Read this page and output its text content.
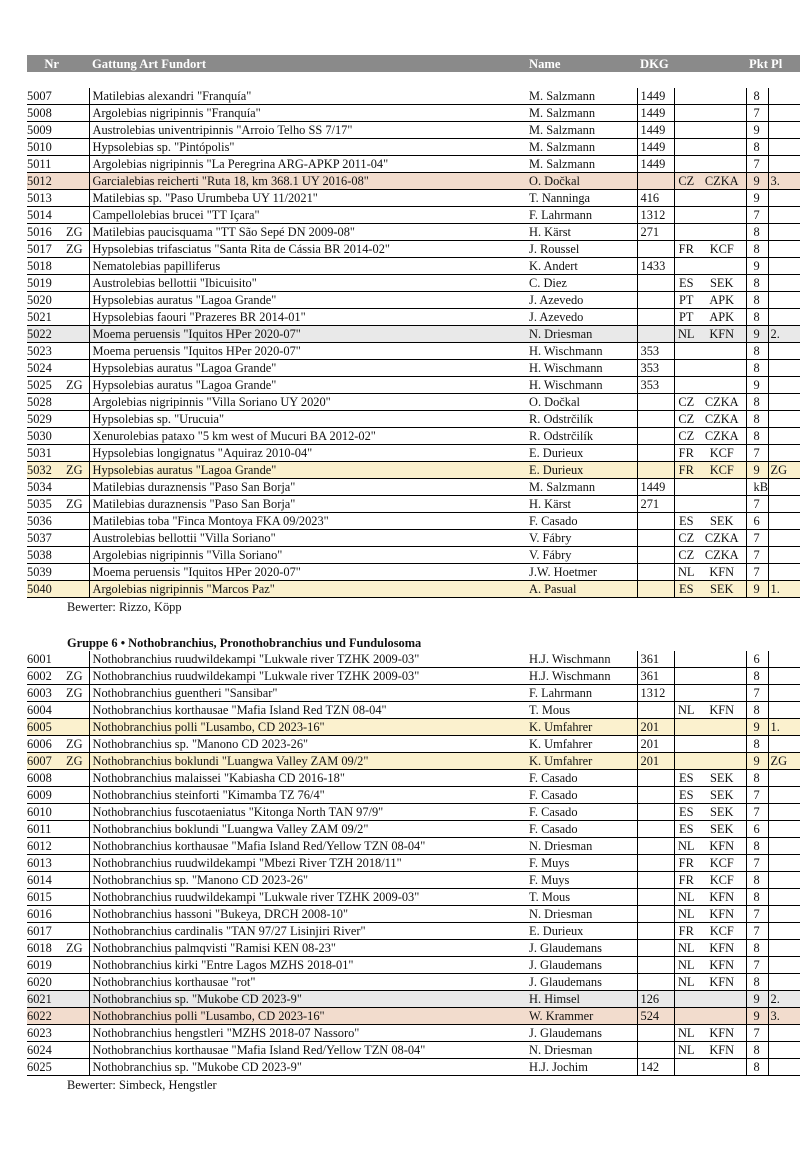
Nr		Gattung Art Fundort	Name	DKG			Pkt	Pl

5007		Matilebias alexandri "Franquía"	M. Salzmann	1449			8	
5008		Argolebias nigripinnis "Franquía"	M. Salzmann	1449			7	
5009		Austrolebias univentripinnis "Arroio Telho SS 7/17"	M. Salzmann	1449			9	
5010		Hypsolebias sp. "Pintópolis"	M. Salzmann	1449			8	
5011		Argolebias nigripinnis "La Peregrina ARG-APKP 2011-04"	M. Salzmann	1449			7	
5012		Garcialebias reicherti "Ruta 18, km 368.1 UY 2016-08"	O. Dočkal		CZ	CZKA	9	3.
5013		Matilebias sp. "Paso Urumbeba UY 11/2021"	T. Nanninga	416			9	
5014		Campellolebias brucei "TT Içara"	F. Lahrmann	1312			7	
5016	ZG	Matilebias paucisquama "TT São Sepé DN 2009-08"	H. Kärst	271			8	
5017	ZG	Hypsolebias trifasciatus "Santa Rita de Cássia BR 2014-02"	J. Roussel		FR	KCF	8	
5018		Nematolebias papilliferus	K. Andert	1433			9	
5019		Austrolebias bellottii "Ibicuisito"	C. Diez		ES	SEK	8	
5020		Hypsolebias auratus "Lagoa Grande"	J. Azevedo		PT	APK	8	
5021		Hypsolebias faouri "Prazeres BR 2014-01"	J. Azevedo		PT	APK	8	
5022		Moema peruensis "Iquitos HPer 2020-07"	N. Driesman		NL	KFN	9	2.
5023		Moema peruensis "Iquitos HPer 2020-07"	H. Wischmann	353			8	
5024		Hypsolebias auratus "Lagoa Grande"	H. Wischmann	353			8	
5025	ZG	Hypsolebias auratus "Lagoa Grande"	H. Wischmann	353			9	
5028		Argolebias nigripinnis "Villa Soriano UY 2020"	O. Dočkal		CZ	CZKA	8	
5029		Hypsolebias sp. "Urucuia"	R. Odstrčilík		CZ	CZKA	8	
5030		Xenurolebias pataxo "5 km west of Mucuri BA 2012-02"	R. Odstrčilík		CZ	CZKA	8	
5031		Hypsolebias longignatus "Aquiraz 2010-04"	E. Durieux		FR	KCF	7	
5032	ZG	Hypsolebias auratus "Lagoa Grande"	E. Durieux		FR	KCF	9	ZG
5034		Matilebias duraznensis "Paso San Borja"	M. Salzmann	1449			kB	
5035	ZG	Matilebias duraznensis "Paso San Borja"	H. Kärst	271			7	
5036		Matilebias toba "Finca Montoya FKA 09/2023"	F. Casado		ES	SEK	6	
5037		Austrolebias bellottii "Villa Soriano"	V. Fábry		CZ	CZKA	7	
5038		Argolebias nigripinnis "Villa Soriano"	V. Fábry		CZ	CZKA	7	
5039		Moema peruensis "Iquitos HPer 2020-07"	J.W. Hoetmer		NL	KFN	7	
5040		Argolebias nigripinnis "Marcos Paz"	A. Pasual		ES	SEK	9	1.
Bewerter: Rizzo, Köpp								

Gruppe 6 • Nothobranchius, Pronothobranchius und Fundulosoma								
6001		Nothobranchius ruudwildekampi "Lukwale river TZHK 2009-03"	H.J. Wischmann	361			6	
6002	ZG	Nothobranchius ruudwildekampi "Lukwale river TZHK 2009-03"	H.J. Wischmann	361			8	
6003	ZG	Nothobranchius guentheri "Sansibar"	F. Lahrmann	1312			7	
6004		Nothobranchius korthausae "Mafia Island Red TZN 08-04"	T. Mous		NL	KFN	8	
6005		Nothobranchius polli "Lusambo, CD 2023-16"	K. Umfahrer	201			9	1.
6006	ZG	Nothobranchius sp. "Manono CD 2023-26"	K. Umfahrer	201			8	
6007	ZG	Nothobranchius boklundi "Luangwa Valley ZAM 09/2"	K. Umfahrer	201			9	ZG
6008		Nothobranchius malaissei "Kabiasha CD 2016-18"	F. Casado		ES	SEK	8	
6009		Nothobranchius steinforti "Kimamba TZ 76/4"	F. Casado		ES	SEK	7	
6010		Nothobranchius fuscotaeniatus "Kitonga North TAN 97/9"	F. Casado		ES	SEK	7	
6011		Nothobranchius boklundi "Luangwa Valley ZAM 09/2"	F. Casado		ES	SEK	6	
6012		Nothobranchius korthausae "Mafia Island Red/Yellow TZN 08-04"	N. Driesman		NL	KFN	8	
6013		Nothobranchius ruudwildekampi "Mbezi River TZH 2018/11"	F. Muys		FR	KCF	7	
6014		Nothobranchius sp. "Manono CD 2023-26"	F. Muys		FR	KCF	8	
6015		Nothobranchius ruudwildekampi "Lukwale river TZHK 2009-03"	T. Mous		NL	KFN	8	
6016		Nothobranchius hassoni "Bukeya, DRCH 2008-10"	N. Driesman		NL	KFN	7	
6017		Nothobranchius cardinalis "TAN 97/27 Lisinjiri River"	E. Durieux		FR	KCF	7	
6018	ZG	Nothobranchius palmqvisti "Ramisi KEN 08-23"	J. Glaudemans		NL	KFN	8	
6019		Nothobranchius kirki "Entre Lagos MZHS 2018-01"	J. Glaudemans		NL	KFN	7	
6020		Nothobranchius korthausae "rot"	J. Glaudemans		NL	KFN	8	
6021		Nothobranchius sp. "Mukobe CD 2023-9"	H. Himsel	126			9	2.
6022		Nothobranchius polli "Lusambo, CD 2023-16"	W. Krammer	524			9	3.
6023		Nothobranchius hengstleri "MZHS 2018-07 Nassoro"	J. Glaudemans		NL	KFN	7	
6024		Nothobranchius korthausae "Mafia Island Red/Yellow TZN 08-04"	N. Driesman		NL	KFN	8	
6025		Nothobranchius sp. "Mukobe CD 2023-9"	H.J. Jochim	142			8	
Bewerter: Simbeck, Hengstler								
